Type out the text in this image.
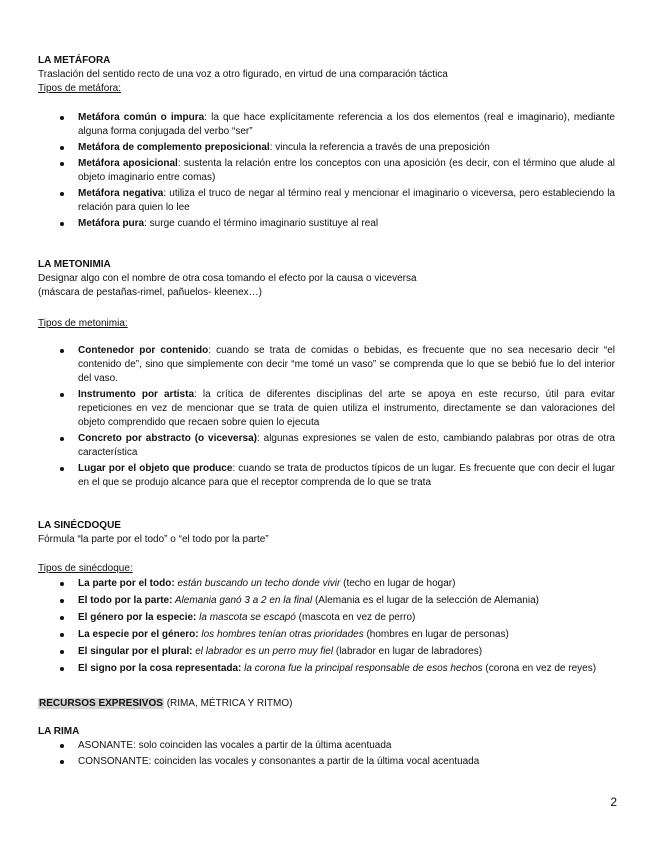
LA METÁFORA

Traslación del sentido recto de una voz a otro figurado, en virtud de una comparación táctica

Tipos de metáfora:

Metáfora común o impura: la que hace explícitamente referencia a los dos elementos (real e imaginario), mediante alguna forma conjugada del verbo “ser”
Metáfora de complemento preposicional: vincula la referencia a través de una preposición
Metáfora aposicional: sustenta la relación entre los conceptos con una aposición (es decir, con el término que alude al objeto imaginario entre comas)
Metáfora negativa: utiliza el truco de negar al término real y mencionar el imaginario o viceversa, pero estableciendo la relación para quien lo lee
Metáfora pura: surge cuando el término imaginario sustituye al real

LA METONIMIA

Designar algo con el nombre de otra cosa tomando el efecto por la causa o viceversa

(máscara de pestañas-rimel, pañuelos- kleenex…)

Tipos de metonimia:

Contenedor por contenido: cuando se trata de comidas o bebidas, es frecuente que no sea necesario decir “el contenido de”, sino que simplemente con decir “me tomé un vaso” se comprenda que lo que se bebió fue lo del interior del vaso.
Instrumento por artista: la crítica de diferentes disciplinas del arte se apoya en este recurso, útil para evitar repeticiones en vez de mencionar que se trata de quien utiliza el instrumento, directamente se dan valoraciones del objeto comprendido que recaen sobre quien lo ejecuta
Concreto por abstracto (o viceversa): algunas expresiones se valen de esto, cambiando palabras por otras de otra característica
Lugar por el objeto que produce: cuando se trata de productos típicos de un lugar. Es frecuente que con decir el lugar en el que se produjo alcance para que el receptor comprenda de lo que se trata

LA SINÉCDOQUE

Fórmula “la parte por el todo” o “el todo por la parte”

Tipos de sinécdoque:

La parte por el todo: están buscando un techo donde vivir (techo en lugar de hogar)
El todo por la parte: Alemania ganó 3 a 2 en la final (Alemania es el lugar de la selección de Alemania)
El género por la especie: la mascota se escapó (mascota en vez de perro)
La especie por el género: los hombres tenían otras prioridades (hombres en lugar de personas)
El singular por el plural: el labrador es un perro muy fiel (labrador en lugar de labradores)
El signo por la cosa representada: la corona fue la principal responsable de esos hechos (corona en vez de reyes)

RECURSOS EXPRESIVOS (RIMA, MÉTRICA Y RITMO)

LA RIMA

ASONANTE: solo coinciden las vocales a partir de la última acentuada
CONSONANTE: coinciden las vocales y consonantes a partir de la última vocal acentuada
2
